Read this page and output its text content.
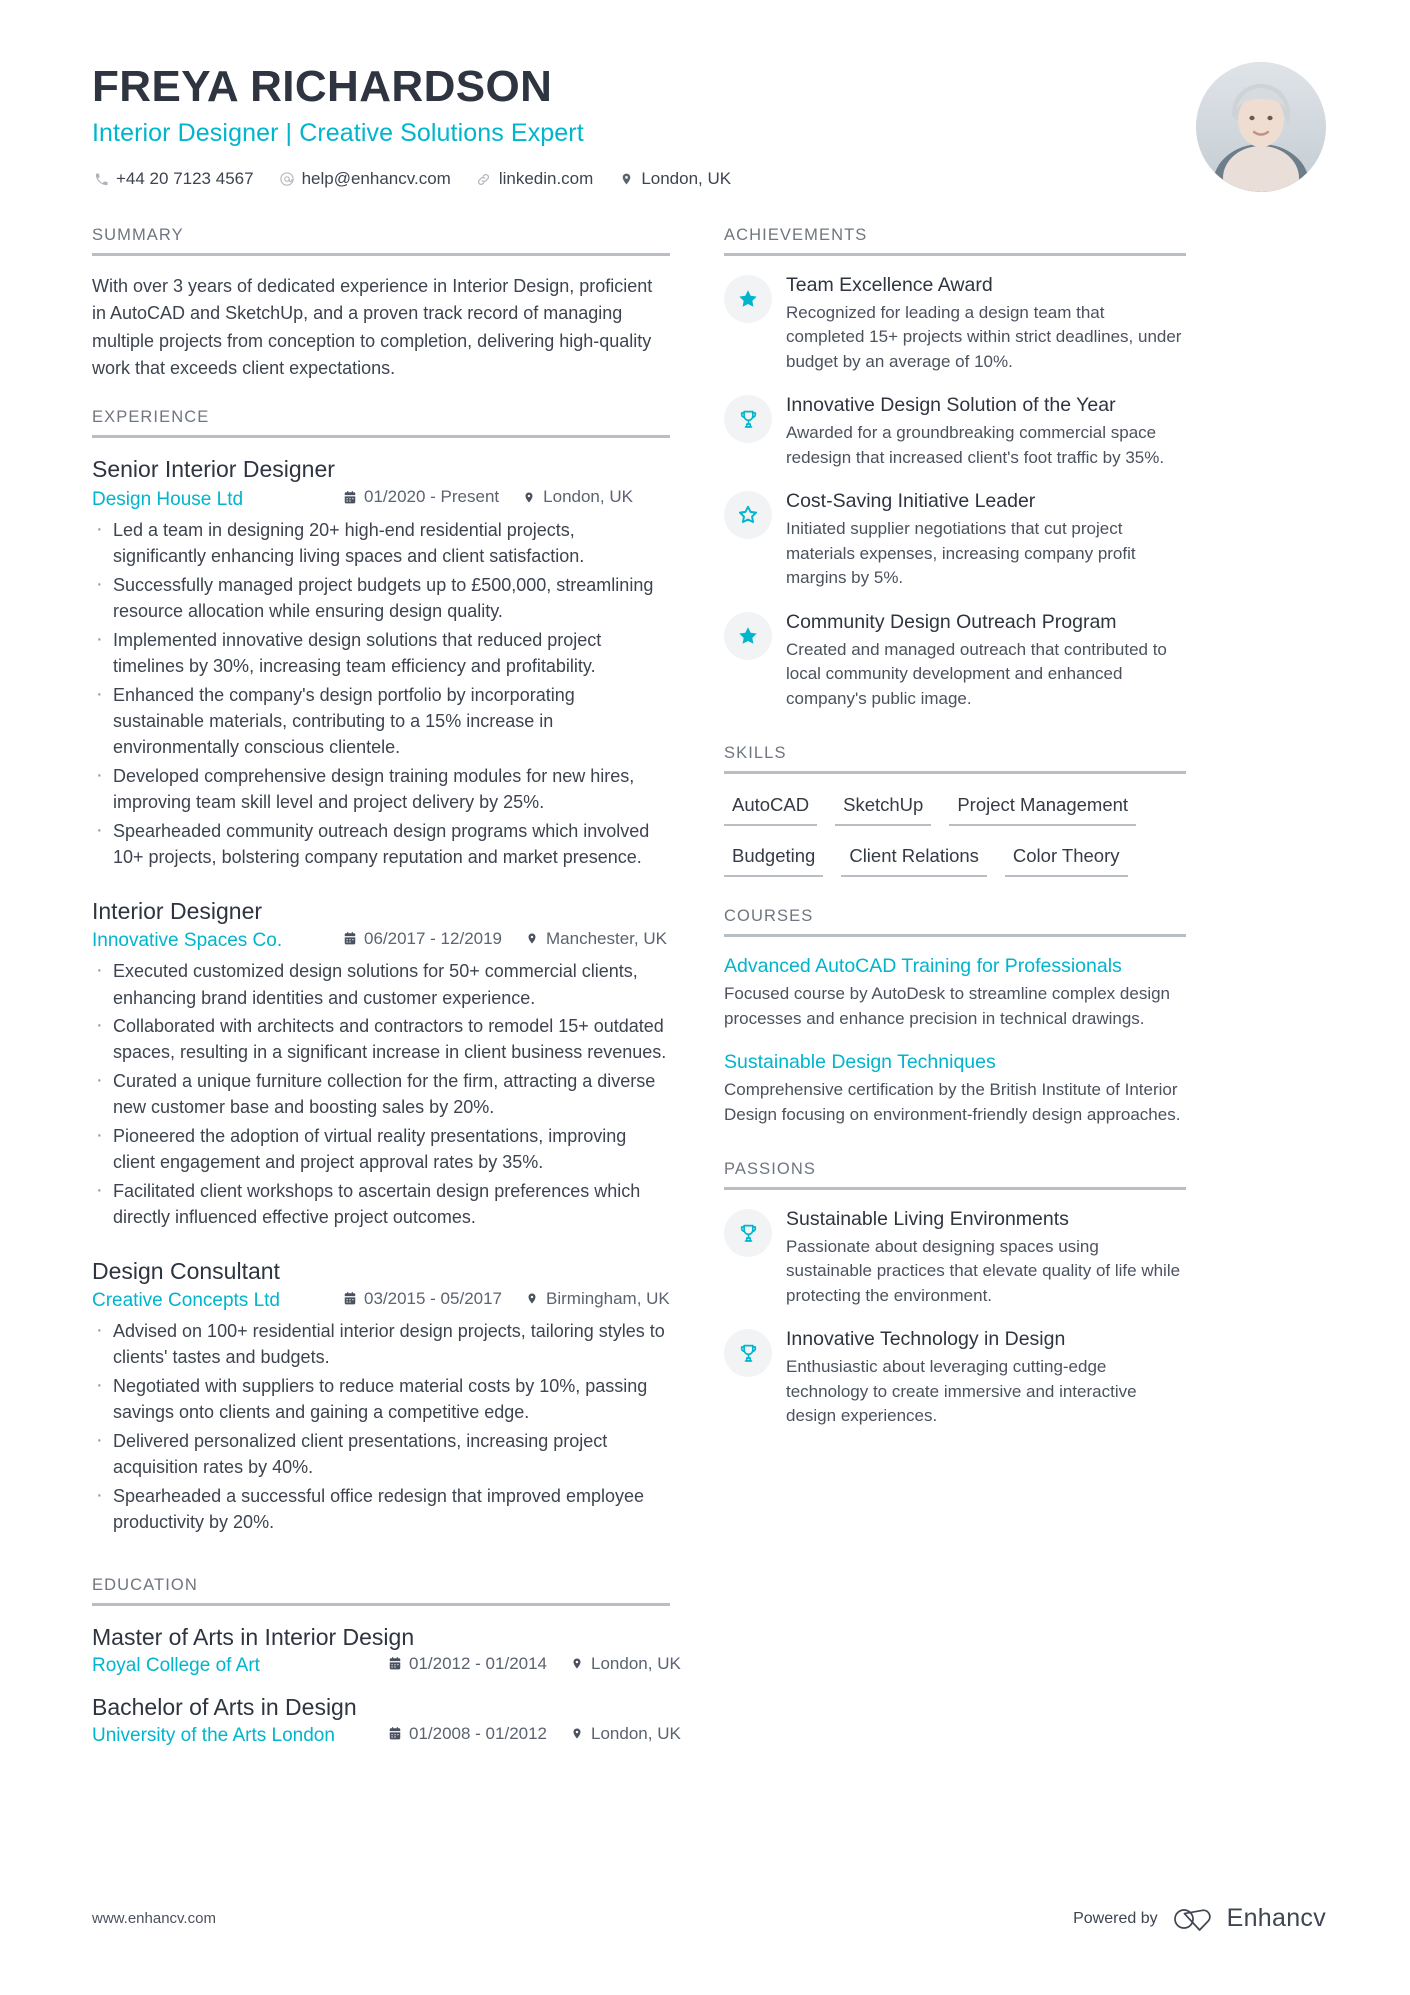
FREYA RICHARDSON
Interior Designer | Creative Solutions Expert
+44 20 7123 4567	help@enhancv.com	linkedin.com	London, UK
SUMMARY

With over 3 years of dedicated experience in Interior Design, proficient in AutoCAD and SketchUp, and a proven track record of managing multiple projects from conception to completion, delivering high-quality work that exceeds client expectations.

EXPERIENCE
Senior Interior Designer
Design House Ltd	01/2020 - Present	London, UK
· Led a team in designing 20+ high-end residential projects, significantly enhancing living spaces and client satisfaction.
· Successfully managed project budgets up to £500,000, streamlining resource allocation while ensuring design quality.
· Implemented innovative design solutions that reduced project timelines by 30%, increasing team efficiency and profitability.
· Enhanced the company's design portfolio by incorporating sustainable materials, contributing to a 15% increase in environmentally conscious clientele.
· Developed comprehensive design training modules for new hires, improving team skill level and project delivery by 25%.
· Spearheaded community outreach design programs which involved 10+ projects, bolstering company reputation and market presence.
Interior Designer
Innovative Spaces Co.	06/2017 - 12/2019	Manchester, UK
· Executed customized design solutions for 50+ commercial clients, enhancing brand identities and customer experience.
· Collaborated with architects and contractors to remodel 15+ outdated spaces, resulting in a significant increase in client business revenues.
· Curated a unique furniture collection for the firm, attracting a diverse new customer base and boosting sales by 20%.
· Pioneered the adoption of virtual reality presentations, improving client engagement and project approval rates by 35%.
· Facilitated client workshops to ascertain design preferences which directly influenced effective project outcomes.
Design Consultant
Creative Concepts Ltd	03/2015 - 05/2017	Birmingham, UK
· Advised on 100+ residential interior design projects, tailoring styles to clients' tastes and budgets.
· Negotiated with suppliers to reduce material costs by 10%, passing savings onto clients and gaining a competitive edge.
· Delivered personalized client presentations, increasing project acquisition rates by 40%.
· Spearheaded a successful office redesign that improved employee productivity by 20%.
EDUCATION
Master of Arts in Interior Design
Royal College of Art	01/2012 - 01/2014	London, UK
Bachelor of Arts in Design
University of the Arts London	01/2008 - 01/2012	London, UK
ACHIEVEMENTS
Team Excellence Award
Recognized for leading a design team that completed 15+ projects within strict deadlines, under budget by an average of 10%.
Innovative Design Solution of the Year
Awarded for a groundbreaking commercial space redesign that increased client's foot traffic by 35%.
Cost-Saving Initiative Leader
Initiated supplier negotiations that cut project materials expenses, increasing company profit margins by 5%.
Community Design Outreach Program
Created and managed outreach that contributed to local community development and enhanced company's public image.
SKILLS
AutoCAD	SketchUp	Project Management
Budgeting	Client Relations	Color Theory
COURSES
Advanced AutoCAD Training for Professionals
Focused course by AutoDesk to streamline complex design processes and enhance precision in technical drawings.
Sustainable Design Techniques
Comprehensive certification by the British Institute of Interior Design focusing on environment-friendly design approaches.
PASSIONS
Sustainable Living Environments
Passionate about designing spaces using sustainable practices that elevate quality of life while protecting the environment.
Innovative Technology in Design
Enthusiastic about leveraging cutting-edge technology to create immersive and interactive design experiences.
www.enhancv.com	Powered by	Enhancv
